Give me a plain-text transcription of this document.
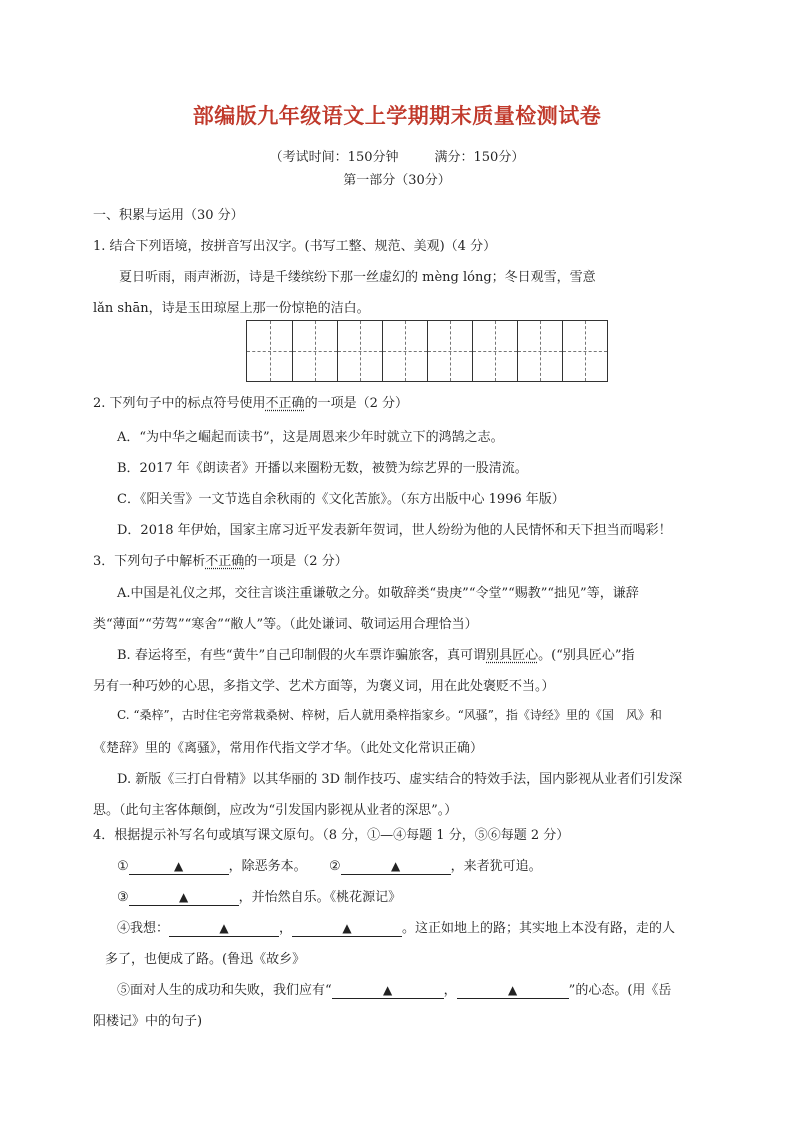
部编版九年级语文上学期期末质量检测试卷
（考试时间：150分钟	满分：150分）
第一部分（30分）
一、积累与运用（30 分）
1. 结合下列语境，按拼音写出汉字。(书写工整、规范、美观)（4 分）
夏日听雨，雨声淅沥，诗是千缕缤纷下那一丝虚幻的 mèng lóng；冬日观雪，雪意
lǎn shān，诗是玉田琼屋上那一份惊艳的洁白。
2. 下列句子中的标点符号使用不正确的一项是（2 分）
A．“为中华之崛起而读书”，这是周恩来少年时就立下的鸿鹄之志。
B．2017 年《朗读者》开播以来圈粉无数，被赞为综艺界的一股清流。
C．《阳关雪》一文节选自余秋雨的《文化苦旅》。（东方出版中心 1996 年版）
D．2018 年伊始，国家主席习近平发表新年贺词，世人纷纷为他的人民情怀和天下担当而喝彩！
3．下列句子中解析不正确的一项是（2 分）
A.中国是礼仪之邦，交往言谈注重谦敬之分。如敬辞类“贵庚”“令堂”“赐教”“拙见”等，谦辞
类“薄面”“劳驾”“寒舍”“敝人”等。（此处谦词、敬词运用合理恰当）
B. 春运将至，有些“黄牛”自己印制假的火车票诈骗旅客，真可谓别具匠心。(“别具匠心”指
另有一种巧妙的心思，多指文学、艺术方面等，为褒义词，用在此处褒贬不当。）
C. “桑梓”，古时住宅旁常栽桑树、梓树，后人就用桑梓指家乡。“风骚”，指《诗经》里的《国　风》和
《楚辞》里的《离骚》，常用作代指文学才华。（此处文化常识正确）
D. 新版《三打白骨精》以其华丽的 3D 制作技巧、虚实结合的特效手法，国内影视从业者们引发深
思。（此句主客体颠倒，应改为“引发国内影视从业者的深思”。）
4．根据提示补写名句或填写课文原句。（8 分，①—④每题 1 分，⑤⑥每题 2 分）
①	▲	，除恶务本。 ②	▲	，来者犹可追。
③	▲	，并怡然自乐。《桃花源记》
④我想：	▲	，	▲	。这正如地上的路；其实地上本没有路，走的人
多了，也便成了路。(鲁迅《故乡》
⑤面对人生的成功和失败，我们应有“	▲	，	▲	”的心态。(用《岳
阳楼记》中的句子)
